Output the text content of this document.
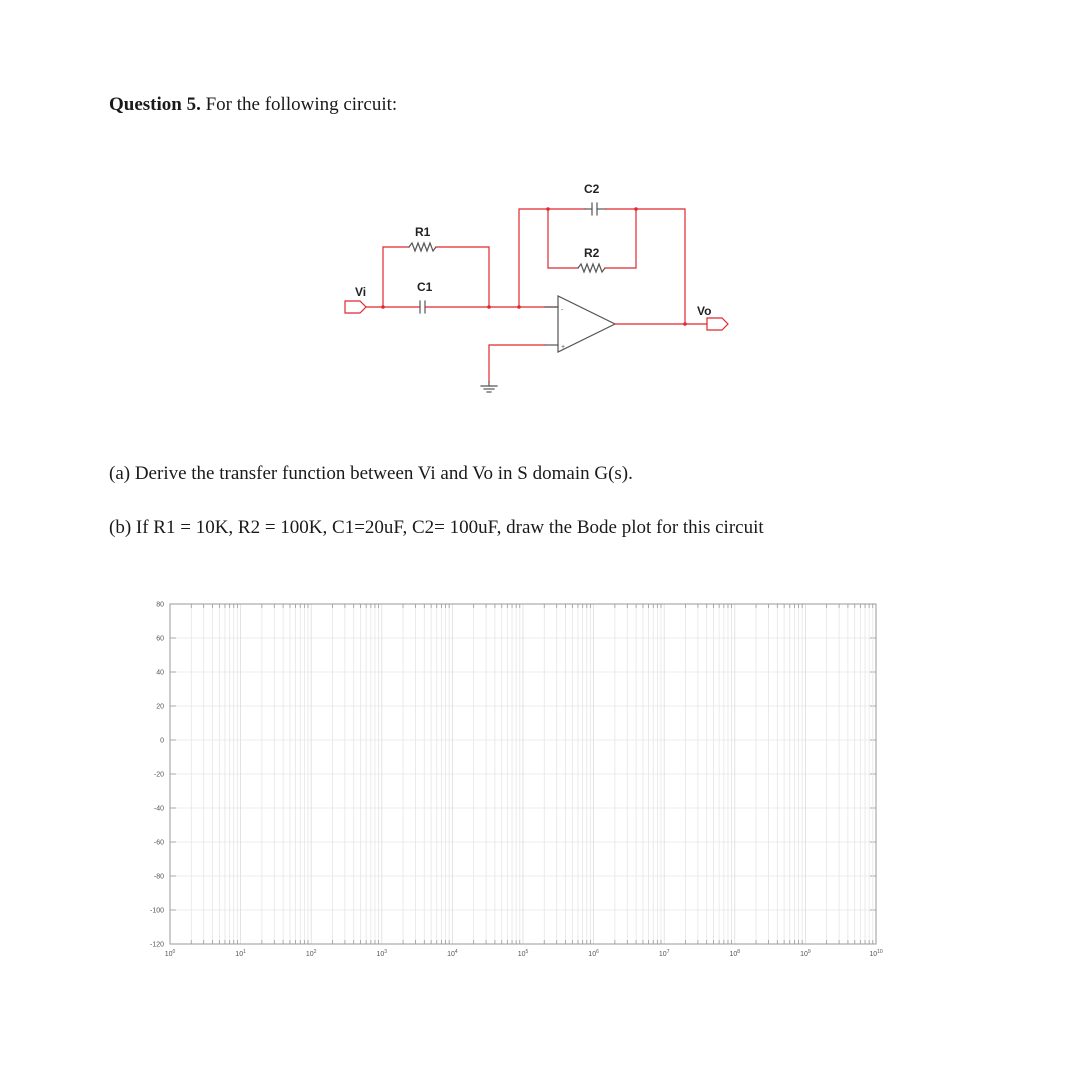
Question 5. For the following circuit:
R1
C1
C2
R2
Vi
Vo
-
+
(a) Derive the transfer function between Vi and Vo in S domain G(s).
(b) If R1 = 10K, R2 = 100K, C1=20uF, C2= 100uF, draw the Bode plot for this circuit
80
60
40
20
0
-20
-40
-60
-80
-100
-120
$10^0$	$10^1$	$10^2$	$10^3$	$10^4$	$10^5$	$10^6$	$10^7$	$10^8$	$10^9$	$10^{10}$
